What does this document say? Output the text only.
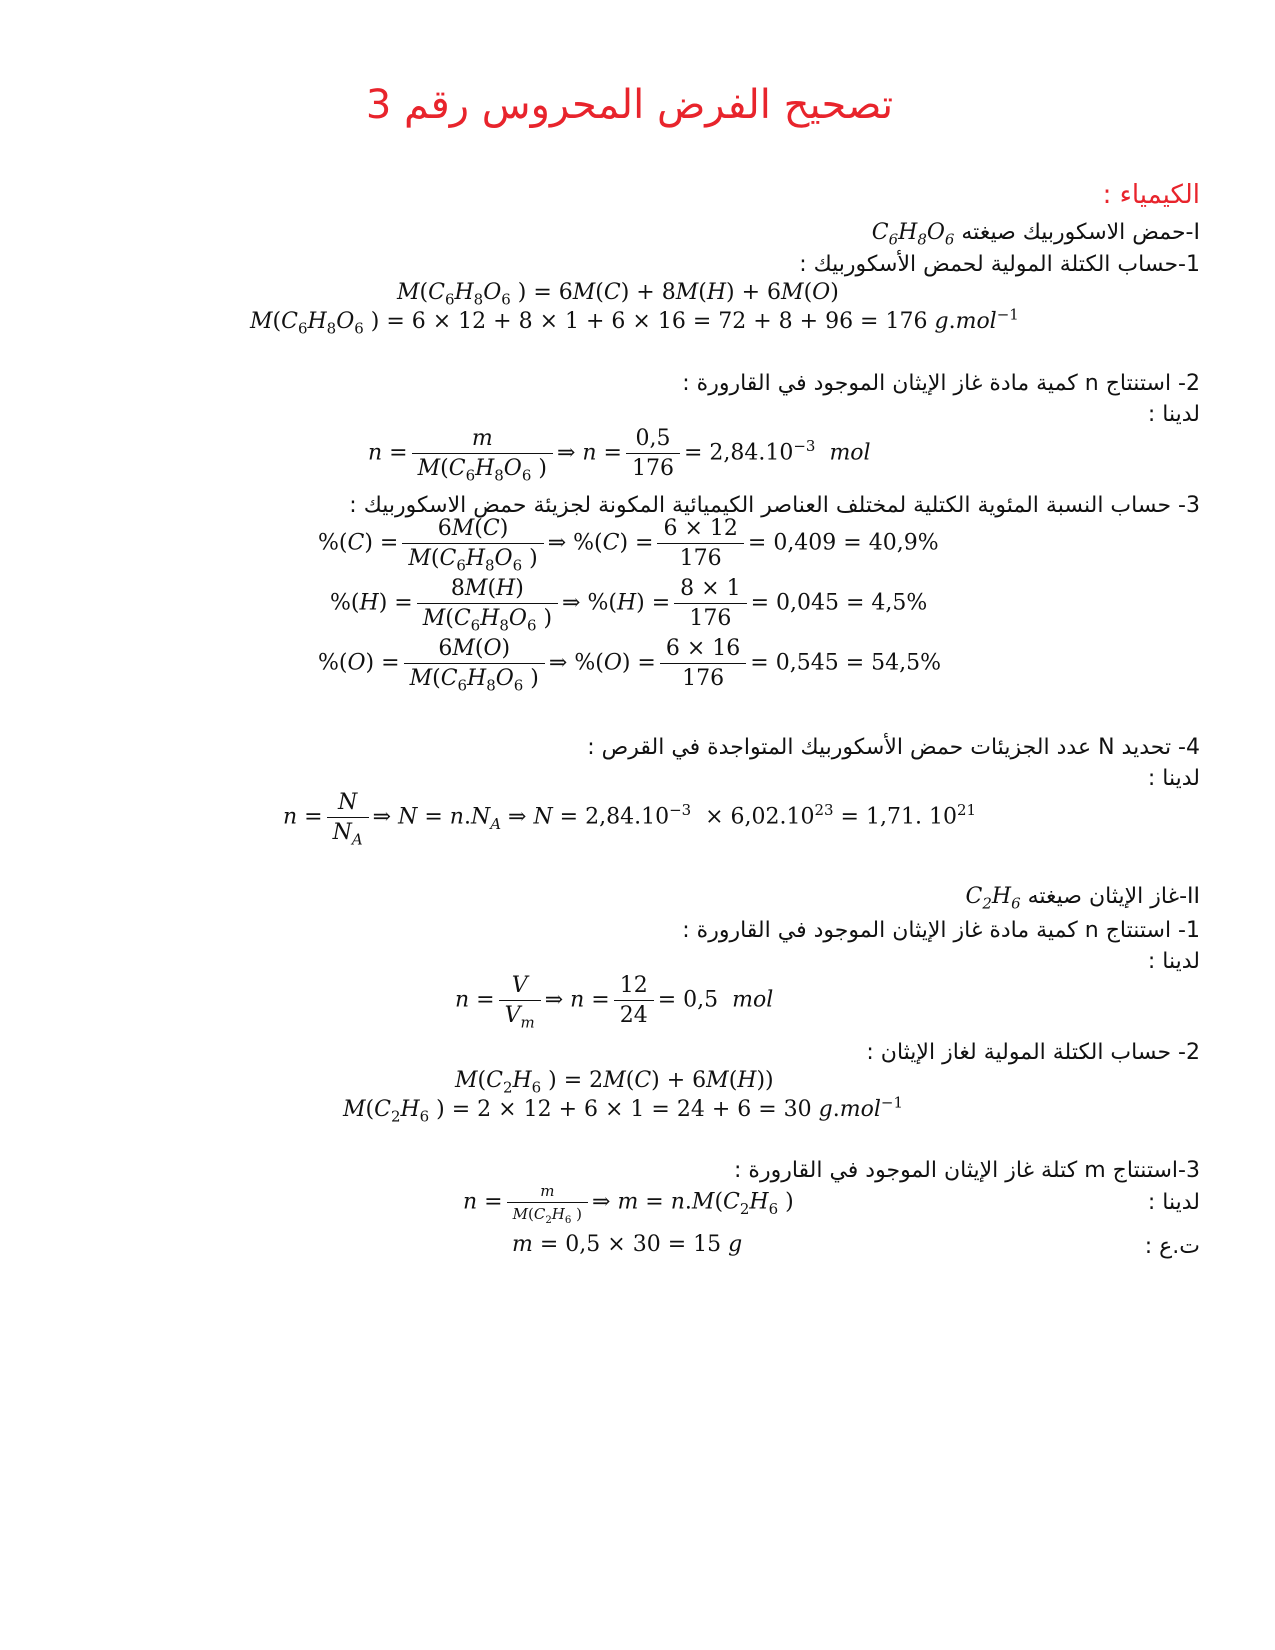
تصحيح الفرض المحروس رقم 3
الكيمياء :
I-حمض الاسكوربيك صيغته $C_6H_8O_6$
1-حساب الكتلة المولية لحمض الأسكوربيك :
$M(C_6H_8O_6$ ) = 6M(C) + 8M(H) + 6M(O)
$M(C_6H_8O_6$ ) = 6 × 12 + 8 × 1 + 6 × 16 = 72 + 8 + 96 = 176 g.mol$^{-1}$
2- استنتاج n كمية مادة غاز الإيثان الموجود في القارورة :
لدينا :
$n = \frac{m}{M(C_6H_8O_6 )}$ ⇒ $n = \frac{0,5}{176} = 2,84.10^{-3}$ mol
3- حساب النسبة المئوية الكتلية لمختلف العناصر الكيميائية المكونة لجزيئة حمض الاسكوربيك :
$\%(C) = \frac{6M(C)}{M(C_6H_8O_6 )}$ ⇒ $\%(C) = \frac{6 \times 12}{176} = 0,409 = 40,9\%$
$\%(H) = \frac{8M(H)}{M(C_6H_8O_6 )}$ ⇒ $\%(H) = \frac{8 \times 1}{176} = 0,045 = 4,5\%$
$\%(O) = \frac{6M(O)}{M(C_6H_8O_6 )}$ ⇒ $\%(O) = \frac{6 \times 16}{176} = 0,545 = 54,5\%$
4- تحديد N عدد الجزيئات حمض الأسكوربيك المتواجدة في القرص :
لدينا :
$n = \frac{N}{N_A}$ ⇒ $N = n.N_A$ ⇒ $N = 2,84.10^{-3} \times 6,02.10^{23} = 1,71$. $10^{21}$
II-غاز الإيثان صيغته $C_2H_6$
1- استنتاج n كمية مادة غاز الإيثان الموجود في القارورة :
لدينا :
$n = \frac{V}{V_m}$ ⇒ $n = \frac{12}{24} = 0,5$  mol
2- حساب الكتلة المولية لغاز الإيثان :
$M(C_2H_6$ ) = 2M(C) + 6M(H))
$M(C_2H_6$ ) = 2 × 12 + 6 × 1 = 24 + 6 = 30 g.mol$^{-1}$
3-استنتاج m كتلة غاز الإيثان الموجود في القارورة :
لدينا :
$n = \frac{m}{M(C_2H_6 )}$ ⇒ $m = n.M(C_2H_6$ )
ت.ع :
m = 0,5 × 30 = 15 g
